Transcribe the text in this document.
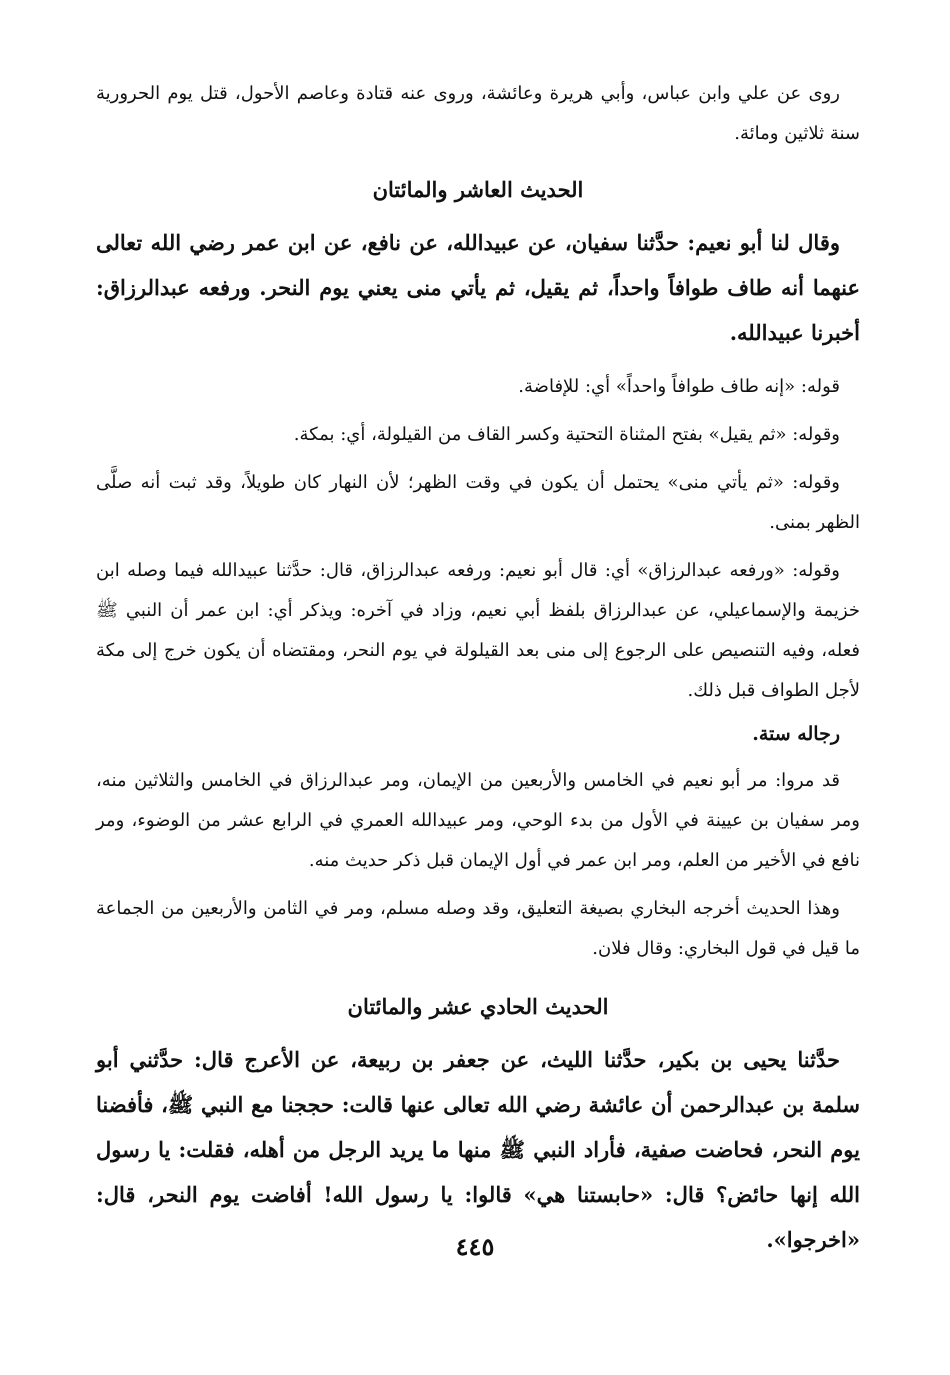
روى عن علي وابن عباس، وأبي هريرة وعائشة، وروى عنه قتادة وعاصم الأحول، قتل يوم الحرورية سنة ثلاثين ومائة.

الحديث العاشر والمائتان

وقال لنا أبو نعيم: حدَّثنا سفيان، عن عبيدالله، عن نافع، عن ابن عمر رضي الله تعالى عنهما أنه طاف طوافاً واحداً، ثم يقيل، ثم يأتي منى يعني يوم النحر. ورفعه عبدالرزاق: أخبرنا عبيدالله.

قوله: «إنه طاف طوافاً واحداً» أي: للإفاضة.

وقوله: «ثم يقيل» بفتح المثناة التحتية وكسر القاف من القيلولة، أي: بمكة.

وقوله: «ثم يأتي منى» يحتمل أن يكون في وقت الظهر؛ لأن النهار كان طويلاً، وقد ثبت أنه صلَّى الظهر بمنى.

وقوله: «ورفعه عبدالرزاق» أي: قال أبو نعيم: ورفعه عبدالرزاق، قال: حدَّثنا عبيدالله فيما وصله ابن خزيمة والإسماعيلي، عن عبدالرزاق بلفظ أبي نعيم، وزاد في آخره: ويذكر أي: ابن عمر أن النبي ﷺ فعله، وفيه التنصيص على الرجوع إلى منى بعد القيلولة في يوم النحر، ومقتضاه أن يكون خرج إلى مكة لأجل الطواف قبل ذلك.

رجاله ستة.

قد مروا: مر أبو نعيم في الخامس والأربعين من الإيمان، ومر عبدالرزاق في الخامس والثلاثين منه، ومر سفيان بن عيينة في الأول من بدء الوحي، ومر عبيدالله العمري في الرابع عشر من الوضوء، ومر نافع في الأخير من العلم، ومر ابن عمر في أول الإيمان قبل ذكر حديث منه.

وهذا الحديث أخرجه البخاري بصيغة التعليق، وقد وصله مسلم، ومر في الثامن والأربعين من الجماعة ما قيل في قول البخاري: وقال فلان.

الحديث الحادي عشر والمائتان

حدَّثنا يحيى بن بكير، حدَّثنا الليث، عن جعفر بن ربيعة، عن الأعرج قال: حدَّثني أبو سلمة بن عبدالرحمن أن عائشة رضي الله تعالى عنها قالت: حججنا مع النبي ﷺ، فأفضنا يوم النحر، فحاضت صفية، فأراد النبي ﷺ منها ما يريد الرجل من أهله، فقلت: يا رسول الله إنها حائض؟ قال: «حابستنا هي» قالوا: يا رسول الله! أفاضت يوم النحر، قال: «اخرجوا».

٤٤٥
